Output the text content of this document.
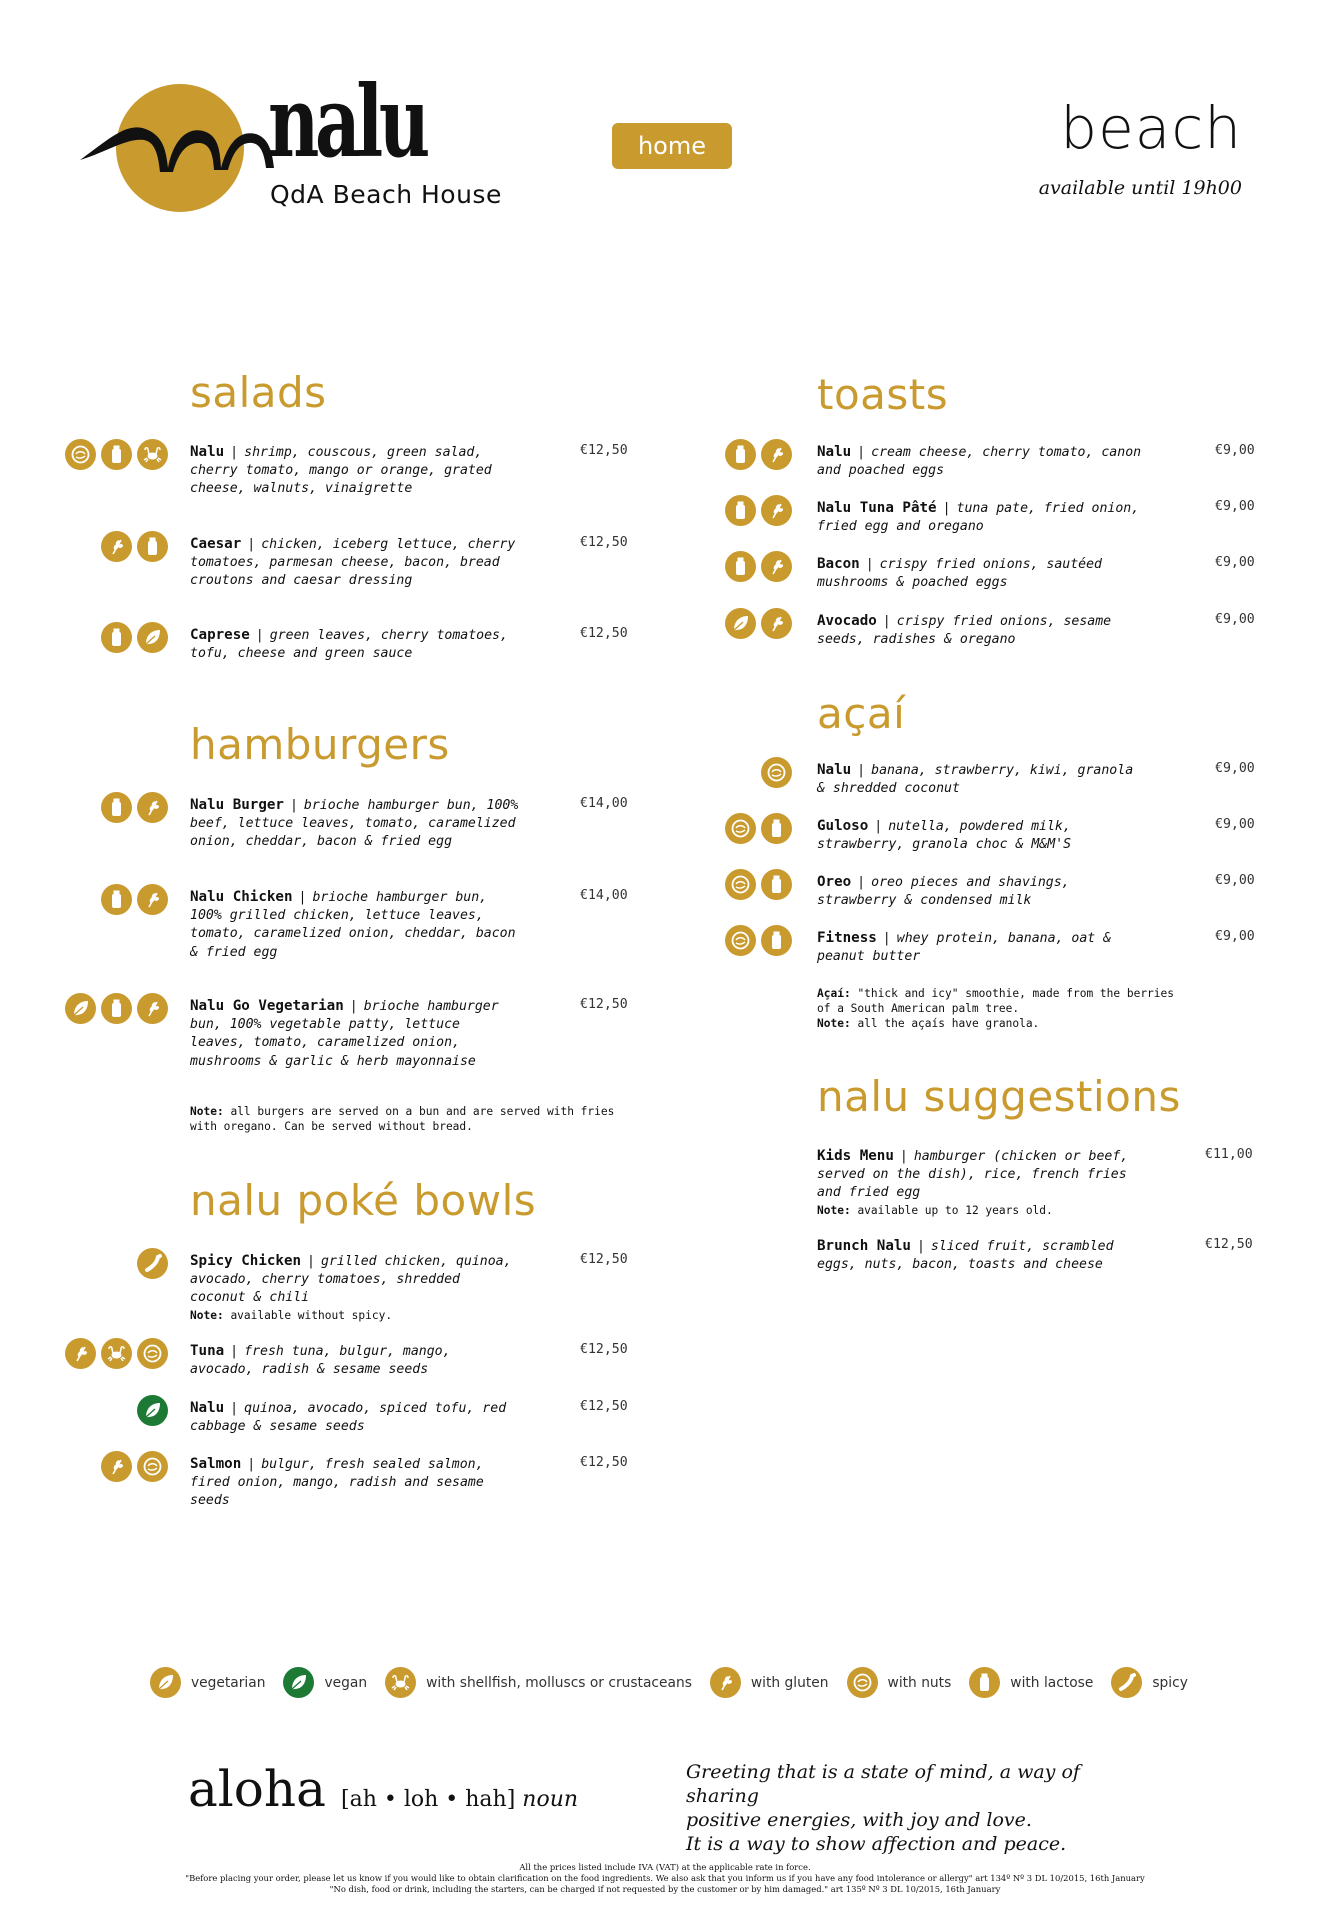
nalu
QdA Beach House
home	beach
available until 19h00
salads
Nalu | shrimp, couscous, green salad, cherry tomato, mango or orange, grated cheese, walnuts, vinaigrette
€12,50
Caesar | chicken, iceberg lettuce, cherry tomatoes, parmesan cheese, bacon, bread croutons and caesar dressing
€12,50
Caprese | green leaves, cherry tomatoes, tofu, cheese and green sauce
€12,50
hamburgers
Nalu Burger | brioche hamburger bun, 100% beef, lettuce leaves, tomato, caramelized onion, cheddar, bacon & fried egg
€14,00
Nalu Chicken | brioche hamburger bun, 100% grilled chicken, lettuce leaves, tomato, caramelized onion, cheddar, bacon & fried egg
€14,00
Nalu Go Vegetarian | brioche hamburger bun, 100% vegetable patty, lettuce leaves, tomato, caramelized onion, mushrooms & garlic & herb mayonnaise
€12,50
Note: all burgers are served on a bun and are served with fries with oregano. Can be served without bread.
nalu poké bowls
Spicy Chicken | grilled chicken, quinoa, avocado, cherry tomatoes, shredded coconut & chili
Note: available without spicy.
€12,50
Tuna | fresh tuna, bulgur, mango, avocado, radish & sesame seeds
€12,50
Nalu | quinoa, avocado, spiced tofu, red cabbage & sesame seeds
€12,50
Salmon | bulgur, fresh sealed salmon, fired onion, mango, radish and sesame seeds
€12,50
toasts
Nalu | cream cheese, cherry tomato, canon and poached eggs
€9,00
Nalu Tuna Pâté | tuna pate, fried onion, fried egg and oregano
€9,00
Bacon | crispy fried onions, sautéed mushrooms & poached eggs
€9,00
Avocado | crispy fried onions, sesame seeds, radishes & oregano
€9,00
açaí
Nalu | banana, strawberry, kiwi, granola & shredded coconut
€9,00
Guloso | nutella, powdered milk, strawberry, granola choc & M&M'S
€9,00
Oreo | oreo pieces and shavings, strawberry & condensed milk
€9,00
Fitness | whey protein, banana, oat & peanut butter
€9,00
Açaí: "thick and icy" smoothie, made from the berries of a South American palm tree.
Note: all the açaís have granola.
nalu suggestions
Kids Menu | hamburger (chicken or beef, served on the dish), rice, french fries and fried egg
Note: available up to 12 years old.
€11,00
Brunch Nalu | sliced fruit, scrambled eggs, nuts, bacon, toasts and cheese
€12,50
vegetarian	vegan	with shellfish, molluscs or crustaceans	with gluten	with nuts	with lactose	spicy
aloha [ah • loh • hah] noun
Greeting that is a state of mind, a way of sharing
positive energies, with joy and love.
It is a way to show affection and peace.
All the prices listed include IVA (VAT) at the applicable rate in force.
"Before placing your order, please let us know if you would like to obtain clarification on the food ingredients. We also ask that you inform us if you have any food intolerance or allergy" art 134º Nº 3 DL 10/2015, 16th January
"No dish, food or drink, including the starters, can be charged if not requested by the customer or by him damaged." art 135º Nº 3 DL 10/2015, 16th January
